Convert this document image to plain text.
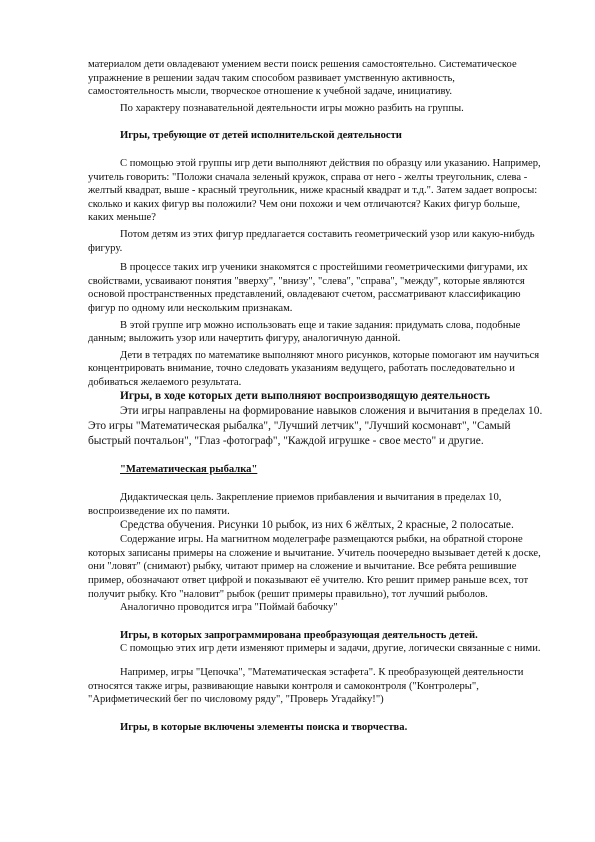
материалом дети овладевают умением вести поиск решения самостоятельно. Систематическое упражнение в решении задач таким способом развивает умственную активность, самостоятельность мысли, творческое отношение к учебной задаче, инициативу.

По характеру познавательной деятельности игры можно разбить на группы.

Игры, требующие от детей исполнительской деятельности

С помощью этой группы игр дети выполняют действия по образцу или указанию. Например, учитель говорить: "Положи сначала зеленый кружок, справа от него - желты треугольник, слева - желтый квадрат, выше - красный треугольник, ниже красный квадрат и т.д.". Затем задает вопросы: сколько и каких фигур вы положили? Чем они похожи и чем отличаются? Каких фигур больше, каких меньше?

Потом детям из этих фигур предлагается составить геометрический узор или какую-нибудь фигуру.

В процессе таких игр ученики знакомятся с простейшими геометрическими фигурами, их свойствами, усваивают понятия "вверху", "внизу", "слева", "справа", "между", которые являются основой пространственных представлений, овладевают счетом, рассматривают классификацию фигур по одному или нескольким признакам.

В этой группе игр можно использовать еще и такие задания: придумать слова, подобные данным; выложить узор или начертить фигуру, аналогичную данной.

Дети в тетрадях по математике выполняют много рисунков, которые помогают им научиться концентрировать внимание, точно следовать указаниям ведущего, работать последовательно и добиваться желаемого результата.

Игры, в ходе которых дети выполняют воспроизводящую деятельность

Эти игры направлены на формирование навыков сложения и вычитания в пределах 10. Это игры "Математическая рыбалка", "Лучший летчик", "Лучший космонавт", "Самый быстрый почтальон", "Глаз -фотограф", "Каждой игрушке - свое место" и другие.

"Математическая рыбалка"

Дидактическая цель. Закрепление приемов прибавления и вычитания в пределах 10, воспроизведение их по памяти.

Средства обучения. Рисунки 10 рыбок, из них 6 жёлтых, 2 красные, 2 полосатые.

Содержание игры. На магнитном моделеграфе размещаются рыбки, на обратной стороне которых записаны примеры на сложение и вычитание. Учитель поочередно вызывает детей к доске, они "ловят" (снимают) рыбку, читают пример на сложение и вычитание. Все ребята решившие пример, обозначают ответ цифрой и показывают её учителю. Кто решит пример раньше всех, тот получит рыбку. Кто "наловит" рыбок (решит примеры правильно), тот лучший рыболов.

Аналогично проводится игра "Поймай бабочку"

Игры, в которых запрограммирована преобразующая деятельность детей.

С помощью этих игр дети изменяют примеры и задачи, другие, логически связанные с ними.

Например, игры "Цепочка", "Математическая эстафета". К преобразующей деятельности относятся также игры, развивающие навыки контроля и самоконтроля ("Контролеры", "Арифметический бег по числовому ряду", "Проверь Угадайку!")

Игры, в которые включены элементы поиска и творчества.
